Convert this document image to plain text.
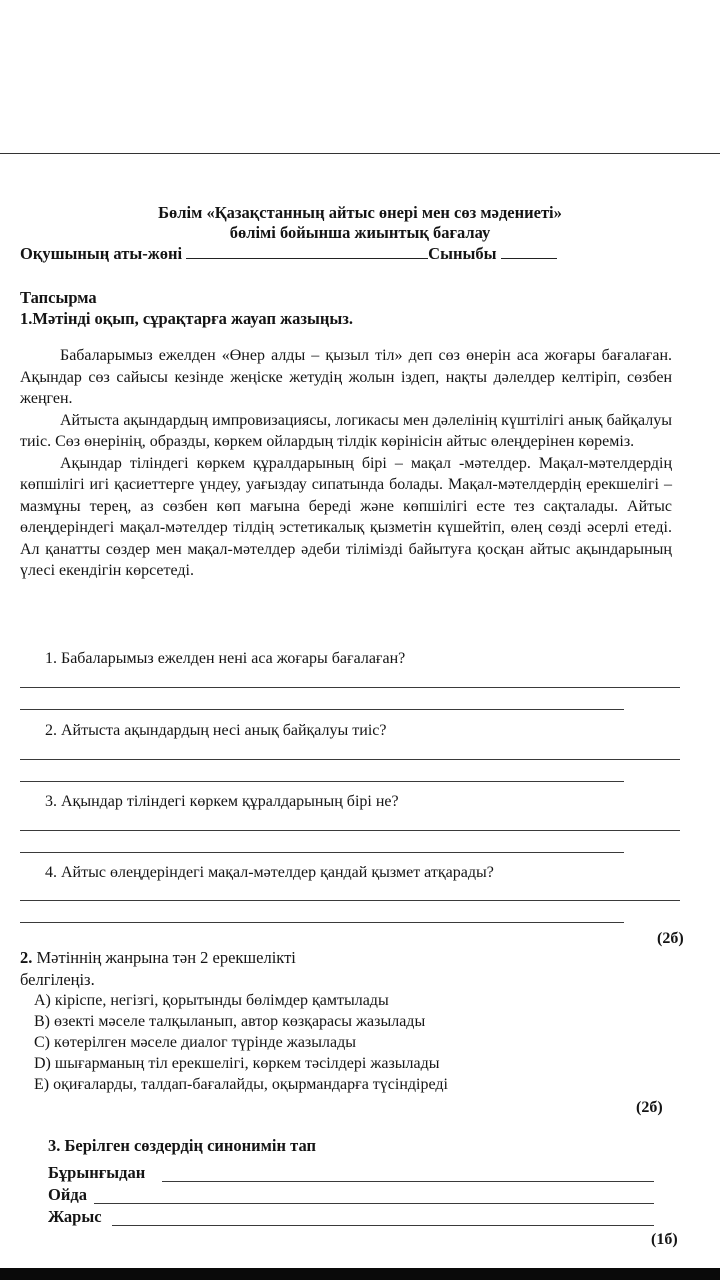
Бөлім «Қазақстанның айтыс өнері мен сөз мәдениеті»
бөлімі бойынша жиынтық бағалау
Оқушының аты-жөні	Сыныбы
Тапсырма
1.Мәтінді оқып, сұрақтарға жауап жазыңыз.

Бабаларымыз ежелден «Өнер алды – қызыл тіл» деп сөз өнерін аса жоғары бағалаған. Ақындар сөз сайысы кезінде жеңіске жетудің жолын іздеп, нақты дәлелдер келтіріп, сөзбен жеңген.

Айтыста ақындардың импровизациясы, логикасы мен дәлелінің күштілігі анық байқалуы тиіс. Сөз өнерінің, образды, көркем ойлардың тілдік көрінісін айтыс өлеңдерінен көреміз.

Ақындар тіліндегі көркем құралдарының бірі – мақал -мәтелдер. Мақал-мәтелдердің көпшілігі игі қасиеттерге үндеу, уағыздау сипатында болады. Мақал-мәтелдердің ерекшелігі – мазмұны терең, аз сөзбен көп мағына береді және көпшілігі есте тез сақталады. Айтыс өлеңдеріндегі мақал-мәтелдер тілдің эстетикалық қызметін күшейтіп, өлең сөзді әсерлі етеді. Ал қанатты сөздер мен мақал-мәтелдер әдеби тілімізді байытуға қосқан айтыс ақындарының үлесі екендігін көрсетеді.

1. Бабаларымыз ежелден нені аса жоғары бағалаған?
2. Айтыста ақындардың несі анық байқалуы тиіс?
3. Ақындар тіліндегі көркем құралдарының бірі не?
4. Айтыс өлеңдеріндегі мақал-мәтелдер қандай қызмет атқарады?
(2б)
2. Мәтіннің жанрына тән 2 ерекшелікті
белгілеңіз.
A) кіріспе, негізгі, қорытынды бөлімдер қамтылады
B) өзекті мәселе талқыланып, автор көзқарасы жазылады
C) көтерілген мәселе диалог түрінде жазылады
D) шығарманың тіл ерекшелігі, көркем тәсілдері жазылады
E) оқиғаларды, талдап-бағалайды, оқырмандарға түсіндіреді
(2б)
3. Берілген сөздердің синонимін тап
Бұрынғыдан
Ойда
Жарыс
(1б)
